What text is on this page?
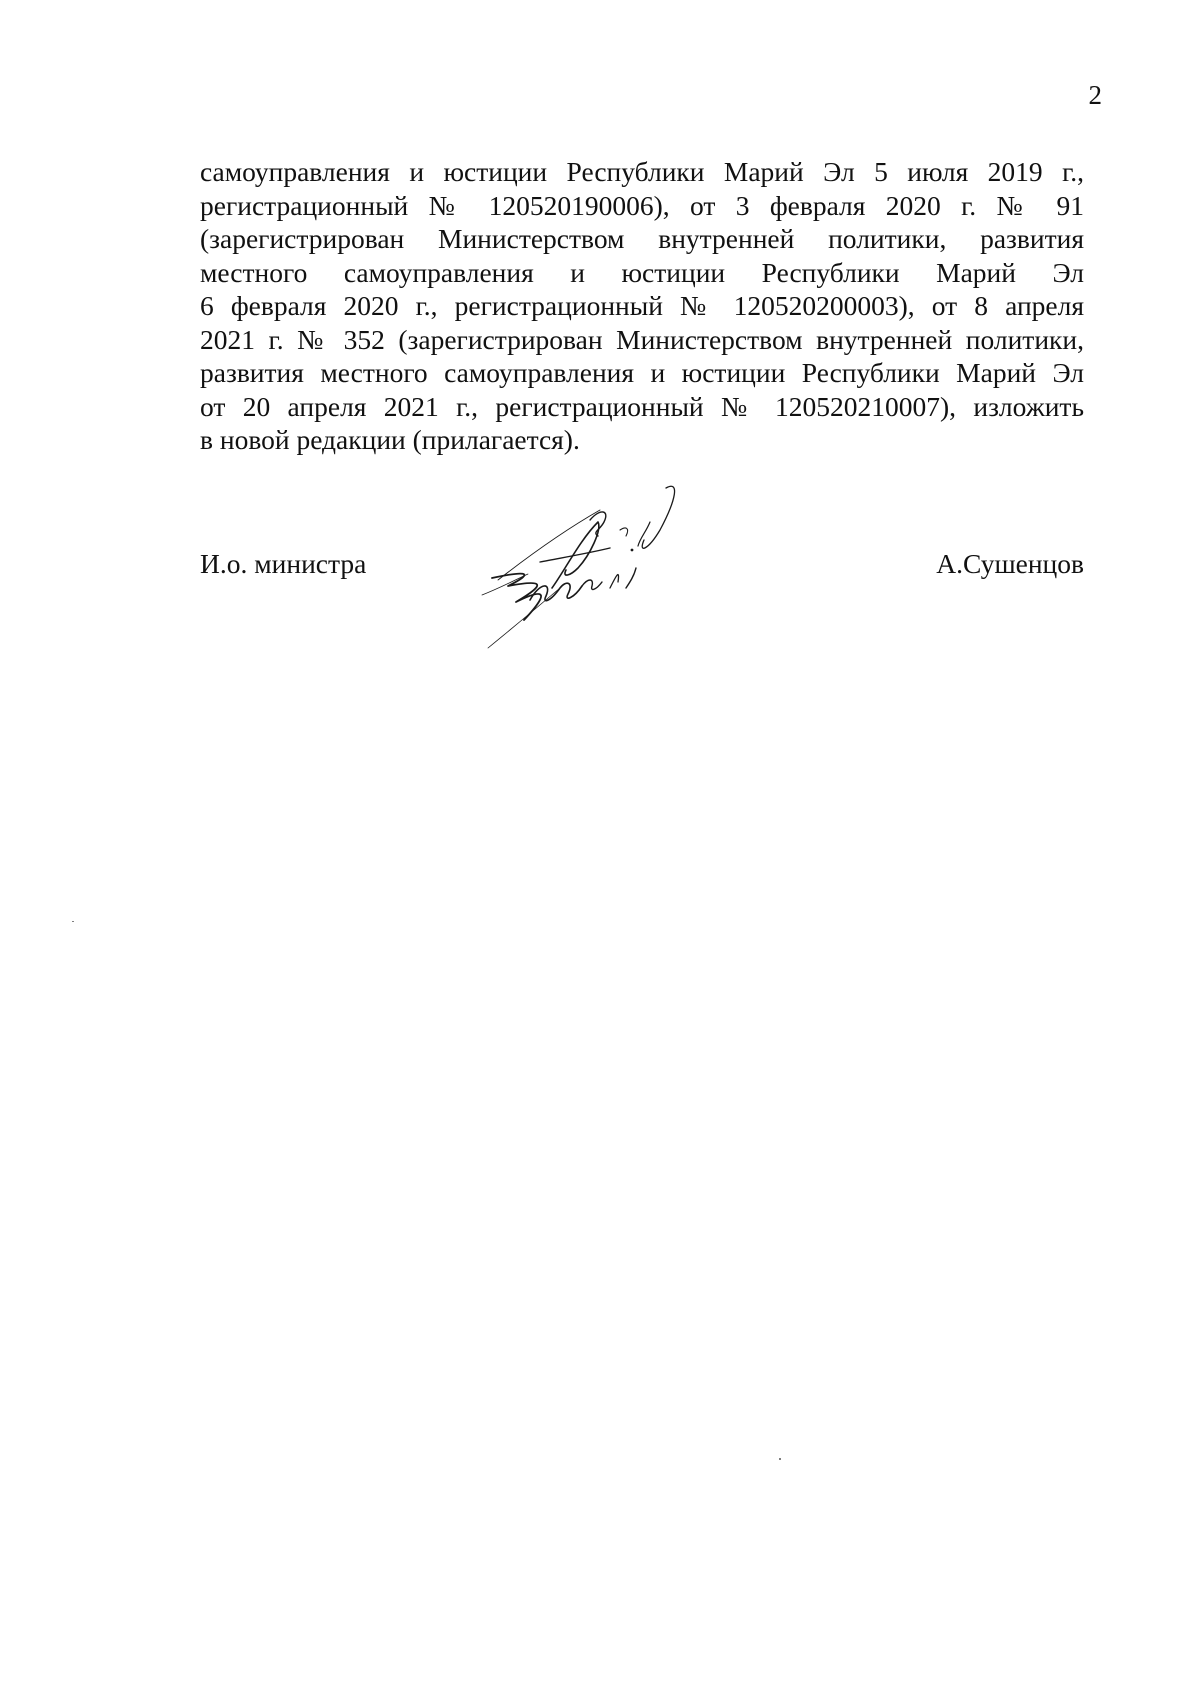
2
самоуправления и юстиции Республики Марий Эл 5 июля 2019 г.,
регистрационный № 120520190006), от 3 февраля 2020 г. № 91
(зарегистрирован Министерством внутренней политики, развития
местного самоуправления и юстиции Республики Марий Эл
6 февраля 2020 г., регистрационный № 120520200003), от 8 апреля
2021 г. № 352 (зарегистрирован Министерством внутренней политики,
развития местного самоуправления и юстиции Республики Марий Эл
от 20 апреля 2021 г., регистрационный № 120520210007), изложить
в новой редакции (прилагается).
И.о. министра	А.Сушенцов
